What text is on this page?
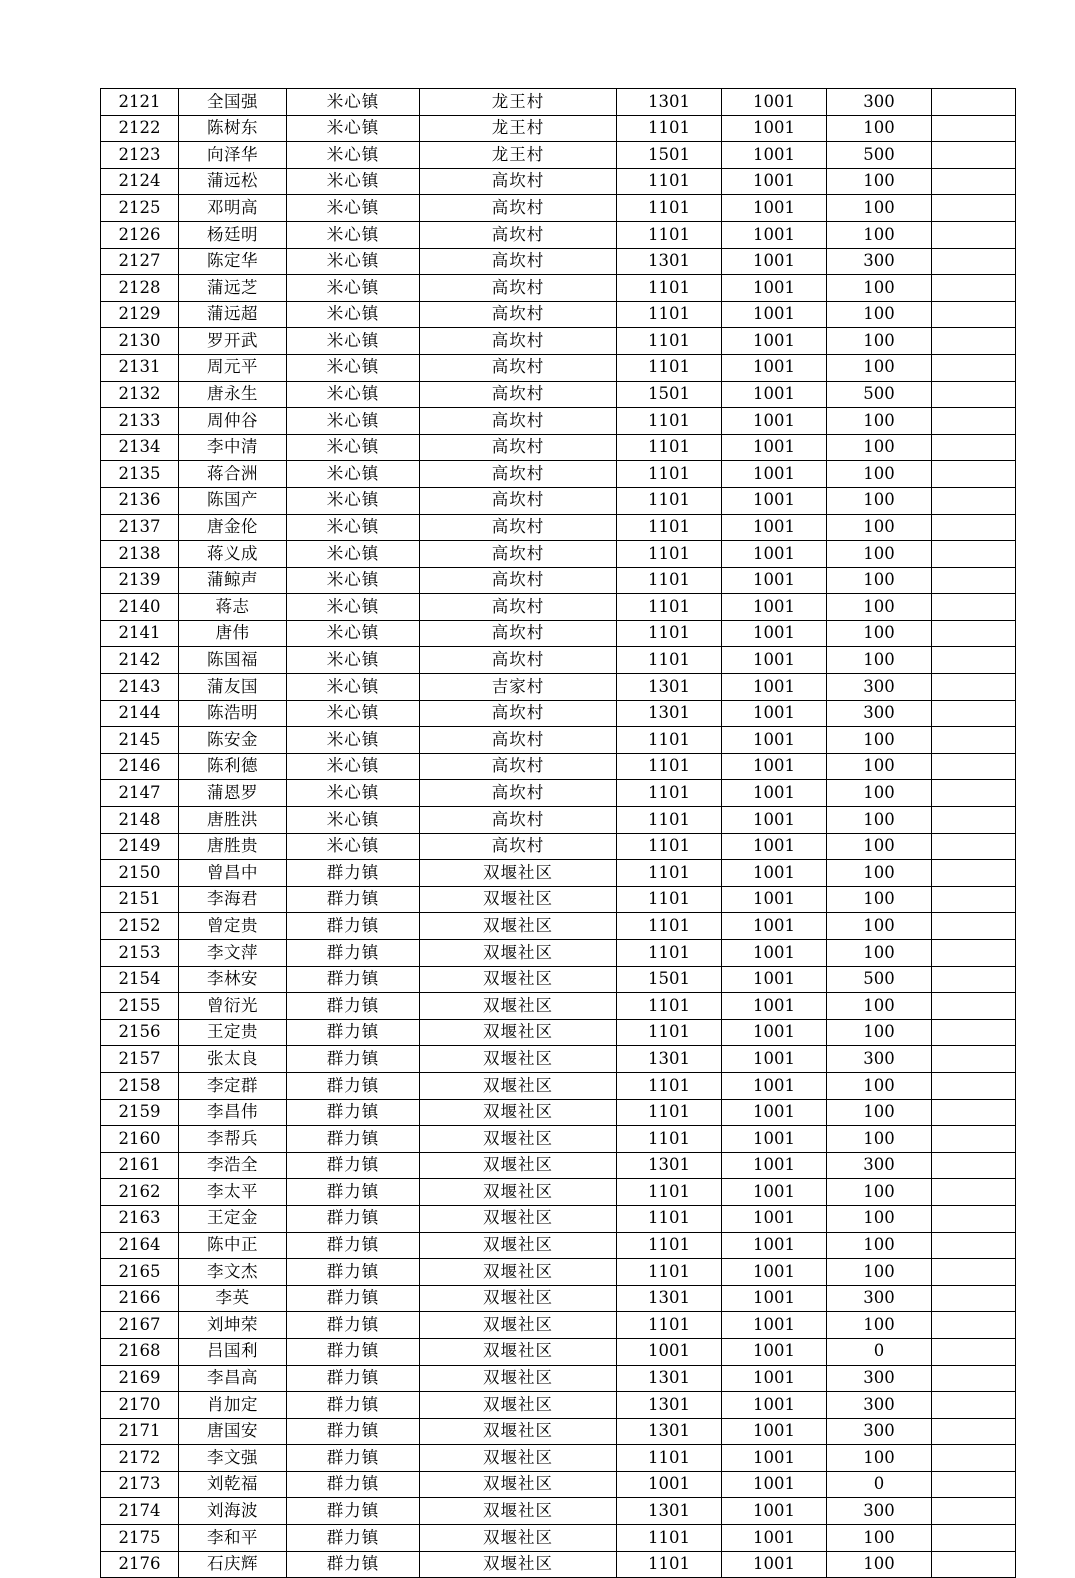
2121	全国强	米心镇	龙王村	1301	1001	300	
2122	陈树东	米心镇	龙王村	1101	1001	100	
2123	向泽华	米心镇	龙王村	1501	1001	500	
2124	蒲远松	米心镇	高坎村	1101	1001	100	
2125	邓明高	米心镇	高坎村	1101	1001	100	
2126	杨廷明	米心镇	高坎村	1101	1001	100	
2127	陈定华	米心镇	高坎村	1301	1001	300	
2128	蒲远芝	米心镇	高坎村	1101	1001	100	
2129	蒲远超	米心镇	高坎村	1101	1001	100	
2130	罗开武	米心镇	高坎村	1101	1001	100	
2131	周元平	米心镇	高坎村	1101	1001	100	
2132	唐永生	米心镇	高坎村	1501	1001	500	
2133	周仲谷	米心镇	高坎村	1101	1001	100	
2134	李中清	米心镇	高坎村	1101	1001	100	
2135	蒋合洲	米心镇	高坎村	1101	1001	100	
2136	陈国产	米心镇	高坎村	1101	1001	100	
2137	唐金伦	米心镇	高坎村	1101	1001	100	
2138	蒋义成	米心镇	高坎村	1101	1001	100	
2139	蒲鲸声	米心镇	高坎村	1101	1001	100	
2140	蒋志	米心镇	高坎村	1101	1001	100	
2141	唐伟	米心镇	高坎村	1101	1001	100	
2142	陈国福	米心镇	高坎村	1101	1001	100	
2143	蒲友国	米心镇	吉家村	1301	1001	300	
2144	陈浩明	米心镇	高坎村	1301	1001	300	
2145	陈安金	米心镇	高坎村	1101	1001	100	
2146	陈利德	米心镇	高坎村	1101	1001	100	
2147	蒲恩罗	米心镇	高坎村	1101	1001	100	
2148	唐胜洪	米心镇	高坎村	1101	1001	100	
2149	唐胜贵	米心镇	高坎村	1101	1001	100	
2150	曾昌中	群力镇	双堰社区	1101	1001	100	
2151	李海君	群力镇	双堰社区	1101	1001	100	
2152	曾定贵	群力镇	双堰社区	1101	1001	100	
2153	李文萍	群力镇	双堰社区	1101	1001	100	
2154	李林安	群力镇	双堰社区	1501	1001	500	
2155	曾衍光	群力镇	双堰社区	1101	1001	100	
2156	王定贵	群力镇	双堰社区	1101	1001	100	
2157	张太良	群力镇	双堰社区	1301	1001	300	
2158	李定群	群力镇	双堰社区	1101	1001	100	
2159	李昌伟	群力镇	双堰社区	1101	1001	100	
2160	李帮兵	群力镇	双堰社区	1101	1001	100	
2161	李浩全	群力镇	双堰社区	1301	1001	300	
2162	李太平	群力镇	双堰社区	1101	1001	100	
2163	王定金	群力镇	双堰社区	1101	1001	100	
2164	陈中正	群力镇	双堰社区	1101	1001	100	
2165	李文杰	群力镇	双堰社区	1101	1001	100	
2166	李英	群力镇	双堰社区	1301	1001	300	
2167	刘坤荣	群力镇	双堰社区	1101	1001	100	
2168	吕国利	群力镇	双堰社区	1001	1001	0	
2169	李昌高	群力镇	双堰社区	1301	1001	300	
2170	肖加定	群力镇	双堰社区	1301	1001	300	
2171	唐国安	群力镇	双堰社区	1301	1001	300	
2172	李文强	群力镇	双堰社区	1101	1001	100	
2173	刘乾福	群力镇	双堰社区	1001	1001	0	
2174	刘海波	群力镇	双堰社区	1301	1001	300	
2175	李和平	群力镇	双堰社区	1101	1001	100	
2176	石庆辉	群力镇	双堰社区	1101	1001	100	
